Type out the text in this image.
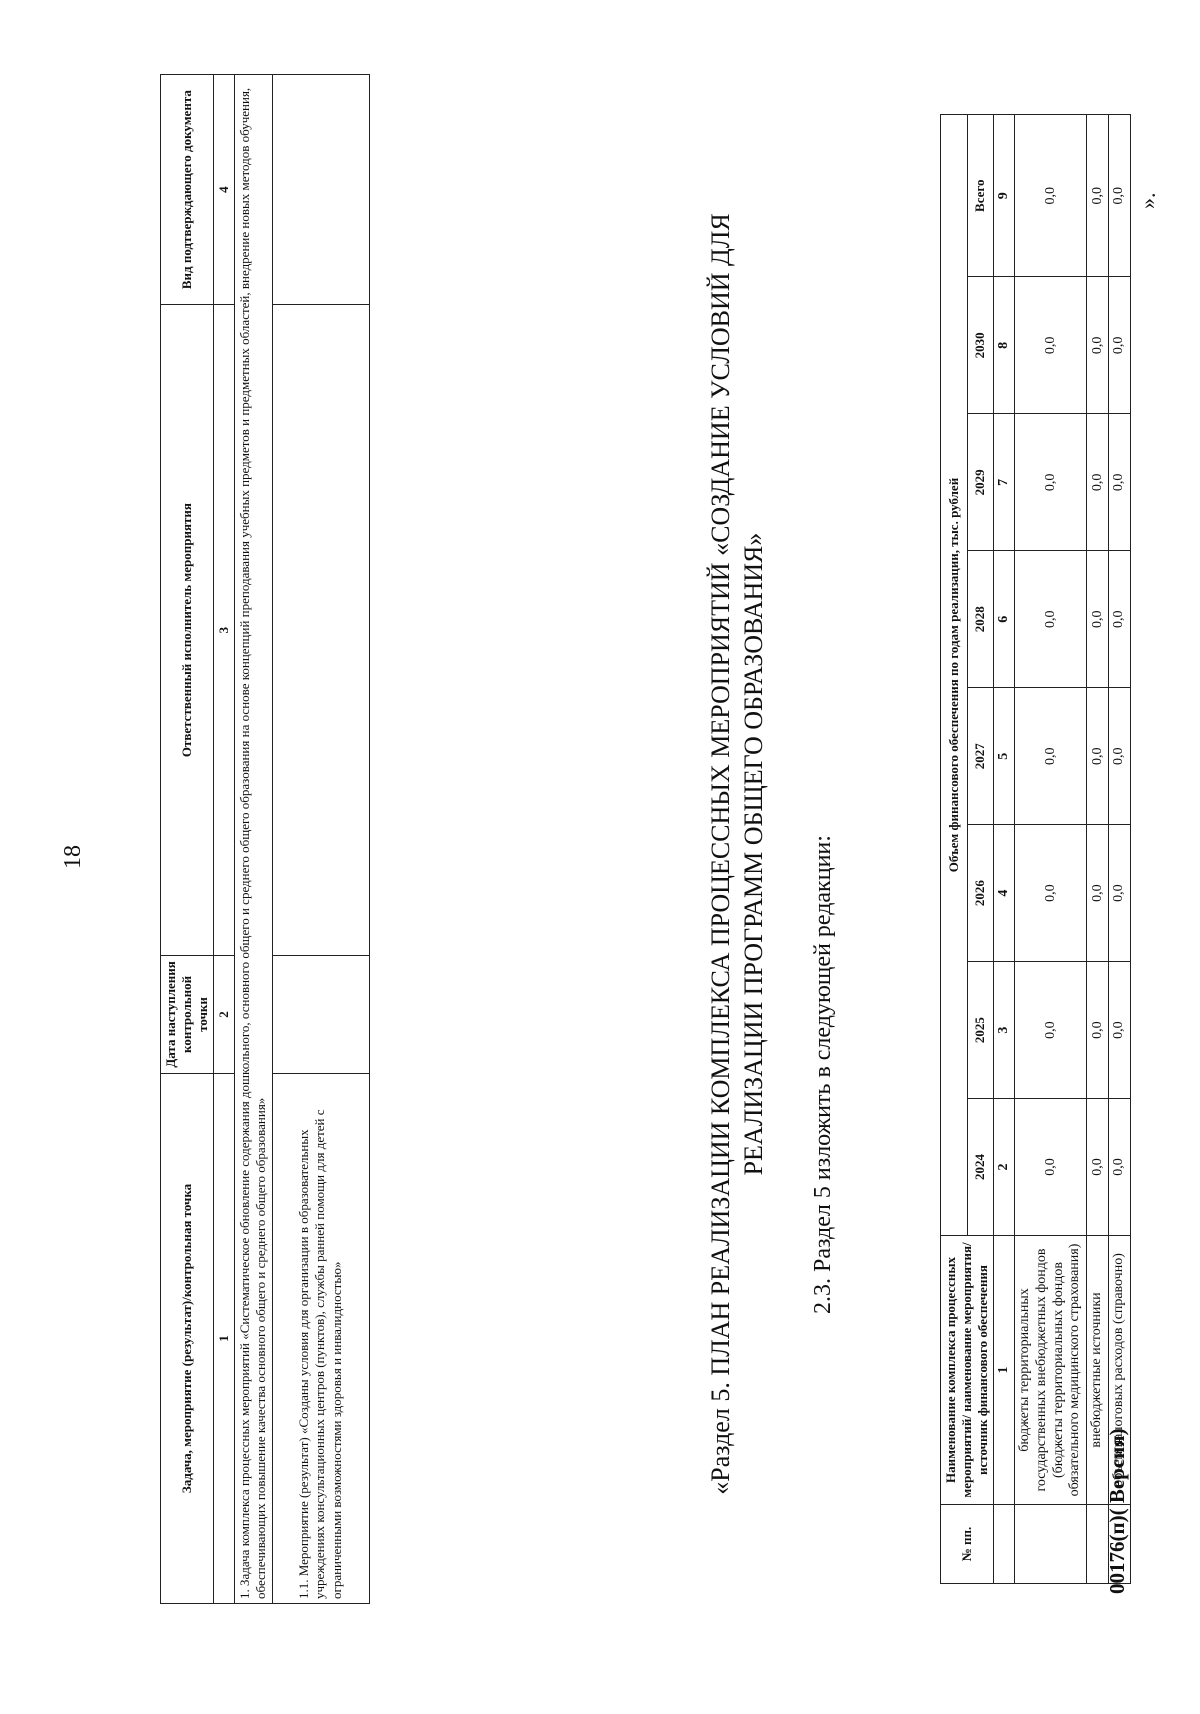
18
№ пп.	Наименование комплекса процессных мероприятий/ наименование мероприятия/источник финансового обеспечения	Объем финансового обеспечения по годам реализации, тыс. рублей							
		2024	2025	2026	2027	2028	2029	2030	Всего
	1	2	3	4	5	6	7	8	9
	бюджеты территориальных государственных внебюджетных фондов (бюджеты территориальных фондов обязательного медицинского страхования)	0,0	0,0	0,0	0,0	0,0	0,0	0,0	0,0
	внебюджетные источники	0,0	0,0	0,0	0,0	0,0	0,0	0,0	0,0
	объем налоговых расходов (справочно)	0,0	0,0	0,0	0,0	0,0	0,0	0,0	0,0 ».
2.3. Раздел 5 изложить в следующей редакции:
«Раздел 5. ПЛАН РЕАЛИЗАЦИИ КОМПЛЕКСА ПРОЦЕССНЫХ МЕРОПРИЯТИЙ «СОЗДАНИЕ УСЛОВИЙ ДЛЯ РЕАЛИЗАЦИИ ПРОГРАММ ОБЩЕГО ОБРАЗОВАНИЯ»
Задача, мероприятие (результат)/контрольная точка	Дата наступления контрольной точки	Ответственный исполнитель мероприятия	Вид подтверждающего документа
1	2	3	4
1. Задача комплекса процессных мероприятий «Систематическое обновление содержания дошкольного, основного общего и среднего общего образования на основе концепций преподавания учебных предметов и предметных областей, внедрение новых методов обучения, обеспечивающих повышение качества основного общего и среднего общего образования»			
1.1. Мероприятие (результат) «Созданы условия для организации в образовательных учреждениях консультационных центров (пунктов), службы ранней помощи для детей с ограниченными возможностями здоровья и инвалидностью»				00176(п)( Версия)
